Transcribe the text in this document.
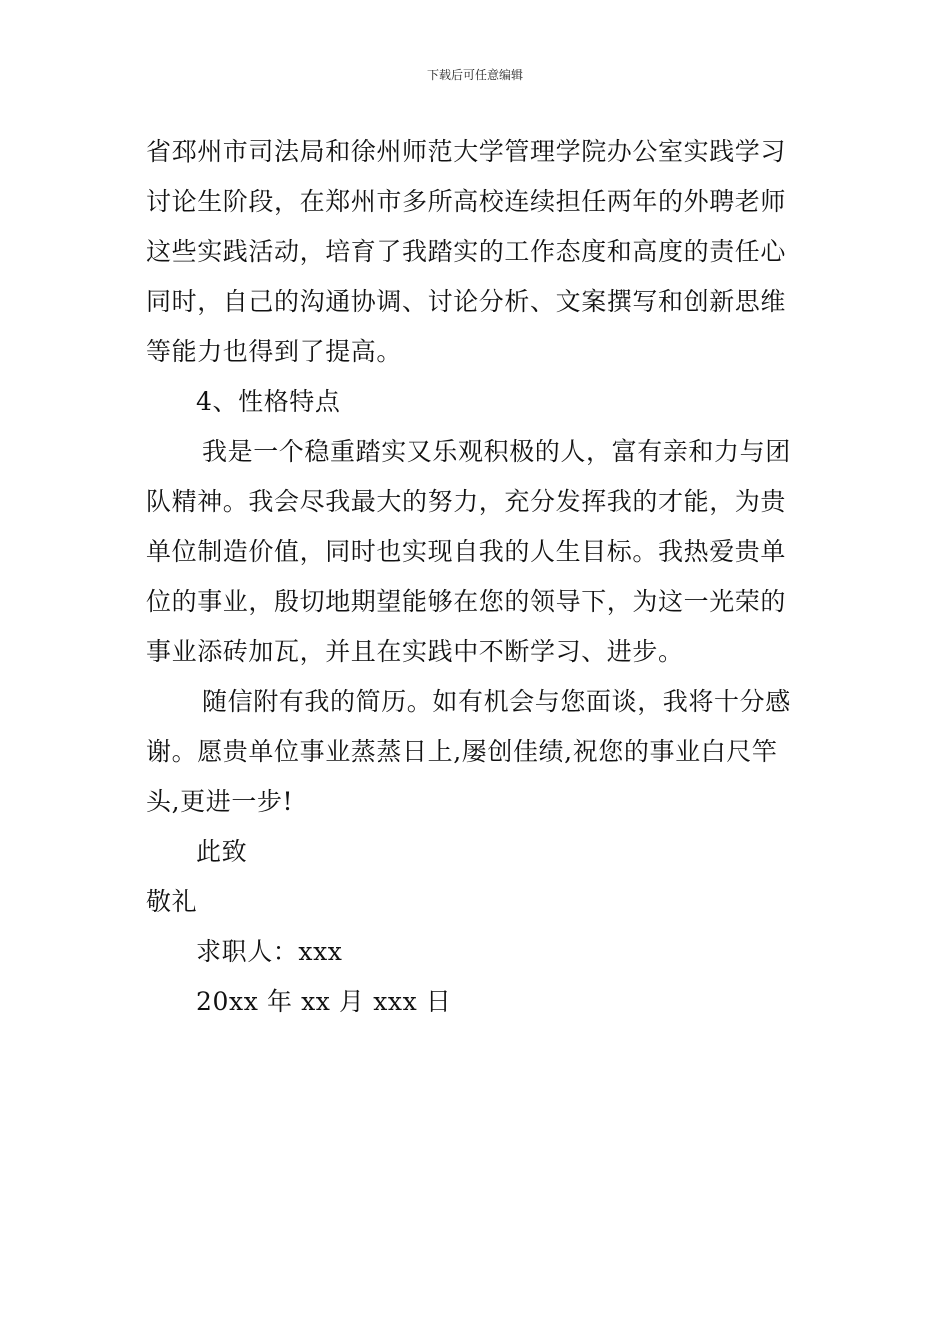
下载后可任意编辑
省邳州市司法局和徐州师范大学管理学院办公室实践学习
讨论生阶段，在郑州市多所高校连续担任两年的外聘老师
这些实践活动，培育了我踏实的工作态度和高度的责任心
同时，自己的沟通协调、讨论分析、文案撰写和创新思维
等能力也得到了提高。
4、性格特点
我是一个稳重踏实又乐观积极的人，富有亲和力与团
队精神。我会尽我最大的努力，充分发挥我的才能，为贵
单位制造价值，同时也实现自我的人生目标。我热爱贵单
位的事业，殷切地期望能够在您的领导下，为这一光荣的
事业添砖加瓦，并且在实践中不断学习、进步。
随信附有我的简历。如有机会与您面谈，我将十分感
谢。愿贵单位事业蒸蒸日上,屡创佳绩,祝您的事业白尺竿
头,更进一步!
此致
敬礼
求职人：xxx
20xx 年 xx 月 xxx 日
